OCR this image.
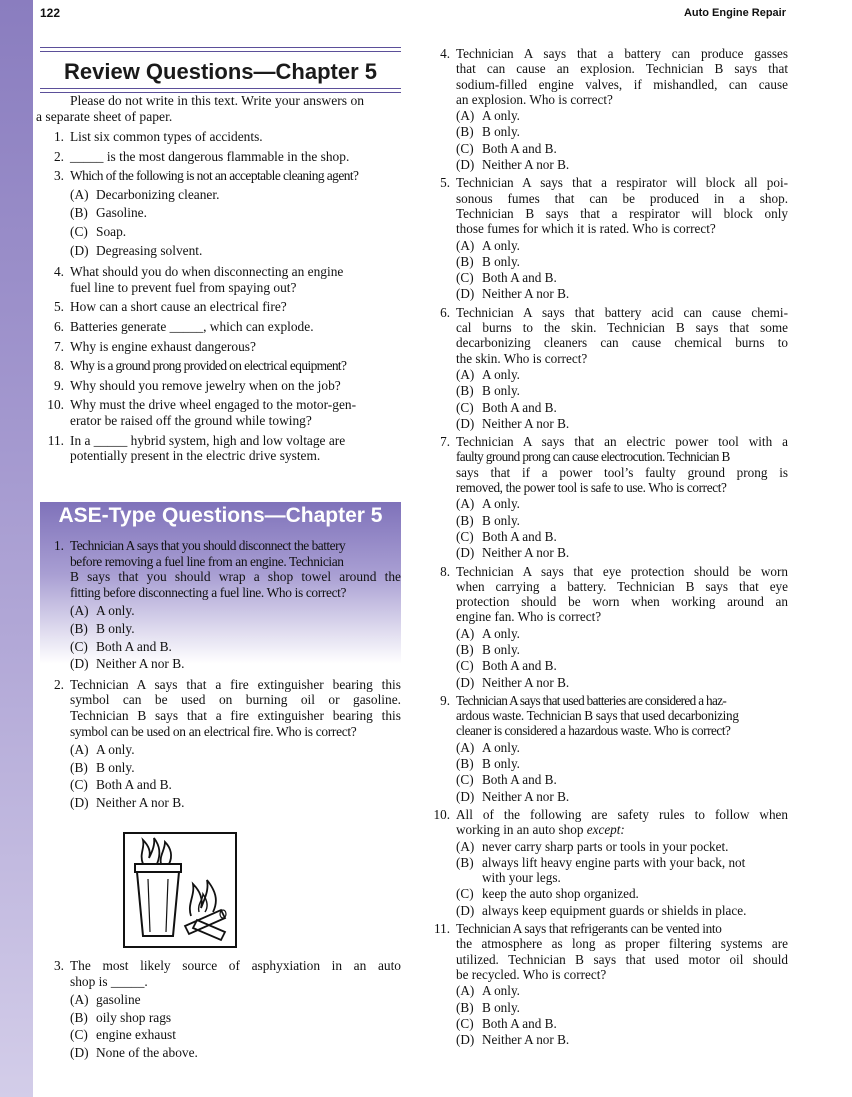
122	Auto Engine Repair
Review Questions—Chapter 5

Please do not write in this text. Write your answers on

a separate sheet of paper.

1. List six common types of accidents.
2. _____ is the most dangerous flammable in the shop.
3. Which of the following is not an acceptable cleaning agent?
(A) Decarbonizing cleaner.
(B) Gasoline.
(C) Soap.
(D) Degreasing solvent.
4. What should you do when disconnecting an engine
fuel line to prevent fuel from spaying out?
5. How can a short cause an electrical fire?
6. Batteries generate _____, which can explode.
7. Why is engine exhaust dangerous?
8. Why is a ground prong provided on electrical equipment?
9. Why should you remove jewelry when on the job?
10. Why must the drive wheel engaged to the motor-gen-
erator be raised off the ground while towing?
11. In a _____ hybrid system, high and low voltage are
potentially present in the electric drive system.
ASE-Type Questions—Chapter 5
1. Technician A says that you should disconnect the battery
before removing a fuel line from an engine. Technician
B says that you should wrap a shop towel around the
fitting before disconnecting a fuel line. Who is correct?
(A) A only.
(B) B only.
(C) Both A and B.
(D) Neither A nor B.
2. Technician A says that a fire extinguisher bearing this
symbol can be used on burning oil or gasoline.
Technician B says that a fire extinguisher bearing this
symbol can be used on an electrical fire. Who is correct?
(A) A only.
(B) B only.
(C) Both A and B.
(D) Neither A nor B.
3. The most likely source of asphyxiation in an auto
shop is _____.
(A) gasoline
(B) oily shop rags
(C) engine exhaust
(D) None of the above.
4. Technician A says that a battery can produce gasses
that can cause an explosion. Technician B says that
sodium-filled engine valves, if mishandled, can cause
an explosion. Who is correct?
(A) A only.
(B) B only.
(C) Both A and B.
(D) Neither A nor B.
5. Technician A says that a respirator will block all poi-
sonous fumes that can be produced in a shop.
Technician B says that a respirator will block only
those fumes for which it is rated. Who is correct?
(A) A only.
(B) B only.
(C) Both A and B.
(D) Neither A nor B.
6. Technician A says that battery acid can cause chemi-
cal burns to the skin. Technician B says that some
decarbonizing cleaners can cause chemical burns to
the skin. Who is correct?
(A) A only.
(B) B only.
(C) Both A and B.
(D) Neither A nor B.
7. Technician A says that an electric power tool with a
faulty ground prong can cause electrocution. Technician B
says that if a power tool’s faulty ground prong is
removed, the power tool is safe to use. Who is correct?
(A) A only.
(B) B only.
(C) Both A and B.
(D) Neither A nor B.
8. Technician A says that eye protection should be worn
when carrying a battery. Technician B says that eye
protection should be worn when working around an
engine fan. Who is correct?
(A) A only.
(B) B only.
(C) Both A and B.
(D) Neither A nor B.
9. Technician A says that used batteries are considered a haz-
ardous waste. Technician B says that used decarbonizing
cleaner is considered a hazardous waste. Who is correct?
(A) A only.
(B) B only.
(C) Both A and B.
(D) Neither A nor B.
10. All of the following are safety rules to follow when
working in an auto shop except:
(A) never carry sharp parts or tools in your pocket.
(B) always lift heavy engine parts with your back, not
with your legs.
(C) keep the auto shop organized.
(D) always keep equipment guards or shields in place.
11. Technician A says that refrigerants can be vented into
the atmosphere as long as proper filtering systems are
utilized. Technician B says that used motor oil should
be recycled. Who is correct?
(A) A only.
(B) B only.
(C) Both A and B.
(D) Neither A nor B.
